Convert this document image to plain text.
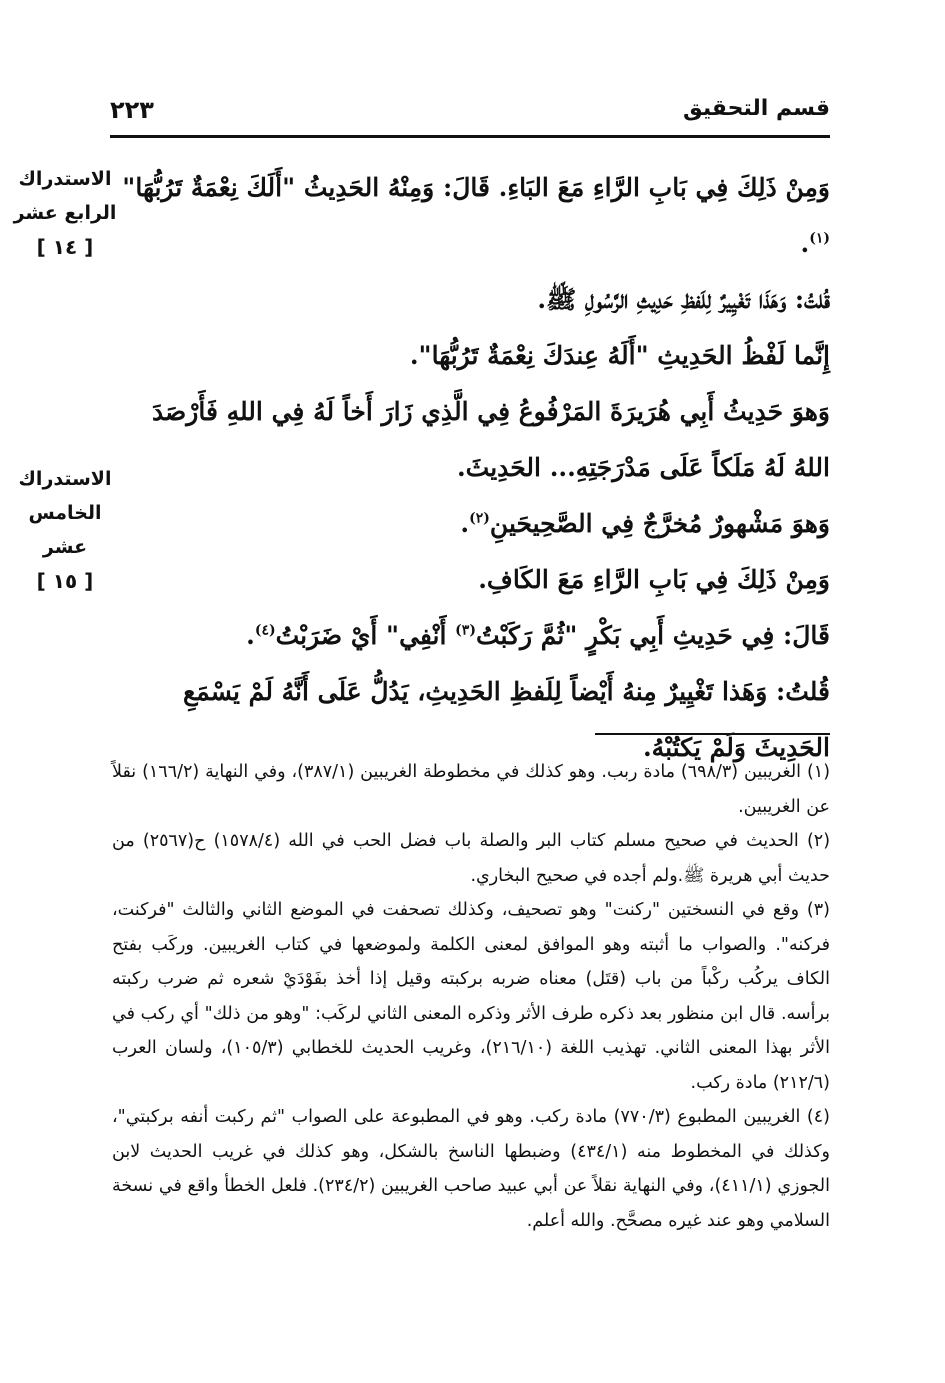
قسم التحقيق
٢٢٣
الاستدراك
الرابع عشر
[ ١٤ ]
الاستدراك
الخامس عشر
[ ١٥ ]

وَمِنْ ذَلِكَ فِي بَابِ الرَّاءِ مَعَ البَاءِ. قَالَ: وَمِنْهُ الحَدِيثُ "أَلَكَ نِعْمَةٌ تَرُبُّهَا"$^{(١)}$.

قُلتُ: وَهَذَا تَغْيِيرٌ لِلَفظِ حَدِيثِ الرَّسُولِ ﷺ.

إِنَّما لَفْظُ الحَدِيثِ "أَلَهُ عِندَكَ نِعْمَةٌ تَرُبُّهَا".

وَهوَ حَدِيثُ أَبِي هُرَيرَةَ المَرْفُوعُ فِي الَّذِي زَارَ أَخاً لَهُ فِي اللهِ فَأَرْصَدَ اللهُ لَهُ مَلَكاً عَلَى مَدْرَجَتِهِ... الحَدِيثَ.

وَهوَ مَشْهورٌ مُخرَّجٌ فِي الصَّحِيحَينِ$^{(٢)}$.

وَمِنْ ذَلِكَ فِي بَابِ الرَّاءِ مَعَ الكَافِ.

قَالَ: فِي حَدِيثِ أَبِي بَكْرٍ "ثُمَّ رَكَبْتُ$^{(٣)}$ أَنْفِي" أَيْ ضَرَبْتُ$^{(٤)}$.

قُلتُ: وَهَذا تَغْيِيرٌ مِنهُ أَيْضاً لِلَفظِ الحَدِيثِ، يَدُلُّ عَلَى أَنَّهُ لَمْ يَسْمَعِ الحَدِيثَ وَلَمْ يَكتُبْهُ.

(١) الغريبين (٦٩٨/٣) مادة ربب. وهو كذلك في مخطوطة الغريبين (٣٨٧/١)، وفي النهاية (١٦٦/٢) نقلاً عن الغريبين.

(٢) الحديث في صحيح مسلم كتاب البر والصلة باب فضل الحب في الله (١٥٧٨/٤) ح(٢٥٦٧) من حديث أبي هريرة ﷺ.ولم أجده في صحيح البخاري.

(٣) وقع في النسختين "ركنت" وهو تصحيف، وكذلك تصحفت في الموضع الثاني والثالث "فركنت، فركنه". والصواب ما أثبته وهو الموافق لمعنى الكلمة ولموضعها في كتاب الغريبين. وركَب بفتح الكاف يركُب ركْباً من باب (قتَل) معناه ضربه بركبته وقيل إذا أخذ بفَوْدَيْ شعره ثم ضرب ركبته برأسه. قال ابن منظور بعد ذكره طرف الأثر وذكره المعنى الثاني لركَب: "وهو من ذلك" أي ركب في الأثر بهذا المعنى الثاني. تهذيب اللغة (٢١٦/١٠)، وغريب الحديث للخطابي (١٠٥/٣)، ولسان العرب (٢١٢/٦) مادة ركب.

(٤) الغريبين المطبوع (٧٧٠/٣) مادة ركب. وهو في المطبوعة على الصواب "ثم ركبت أنفه بركبتي"، وكذلك في المخطوط منه (٤٣٤/١) وضبطها الناسخ بالشكل، وهو كذلك في غريب الحديث لابن الجوزي (٤١١/١)، وفي النهاية نقلاً عن أبي عبيد صاحب الغريبين (٢٣٤/٢). فلعل الخطأ واقع في نسخة السلامي وهو عند غيره مصحَّح. والله أعلم.
